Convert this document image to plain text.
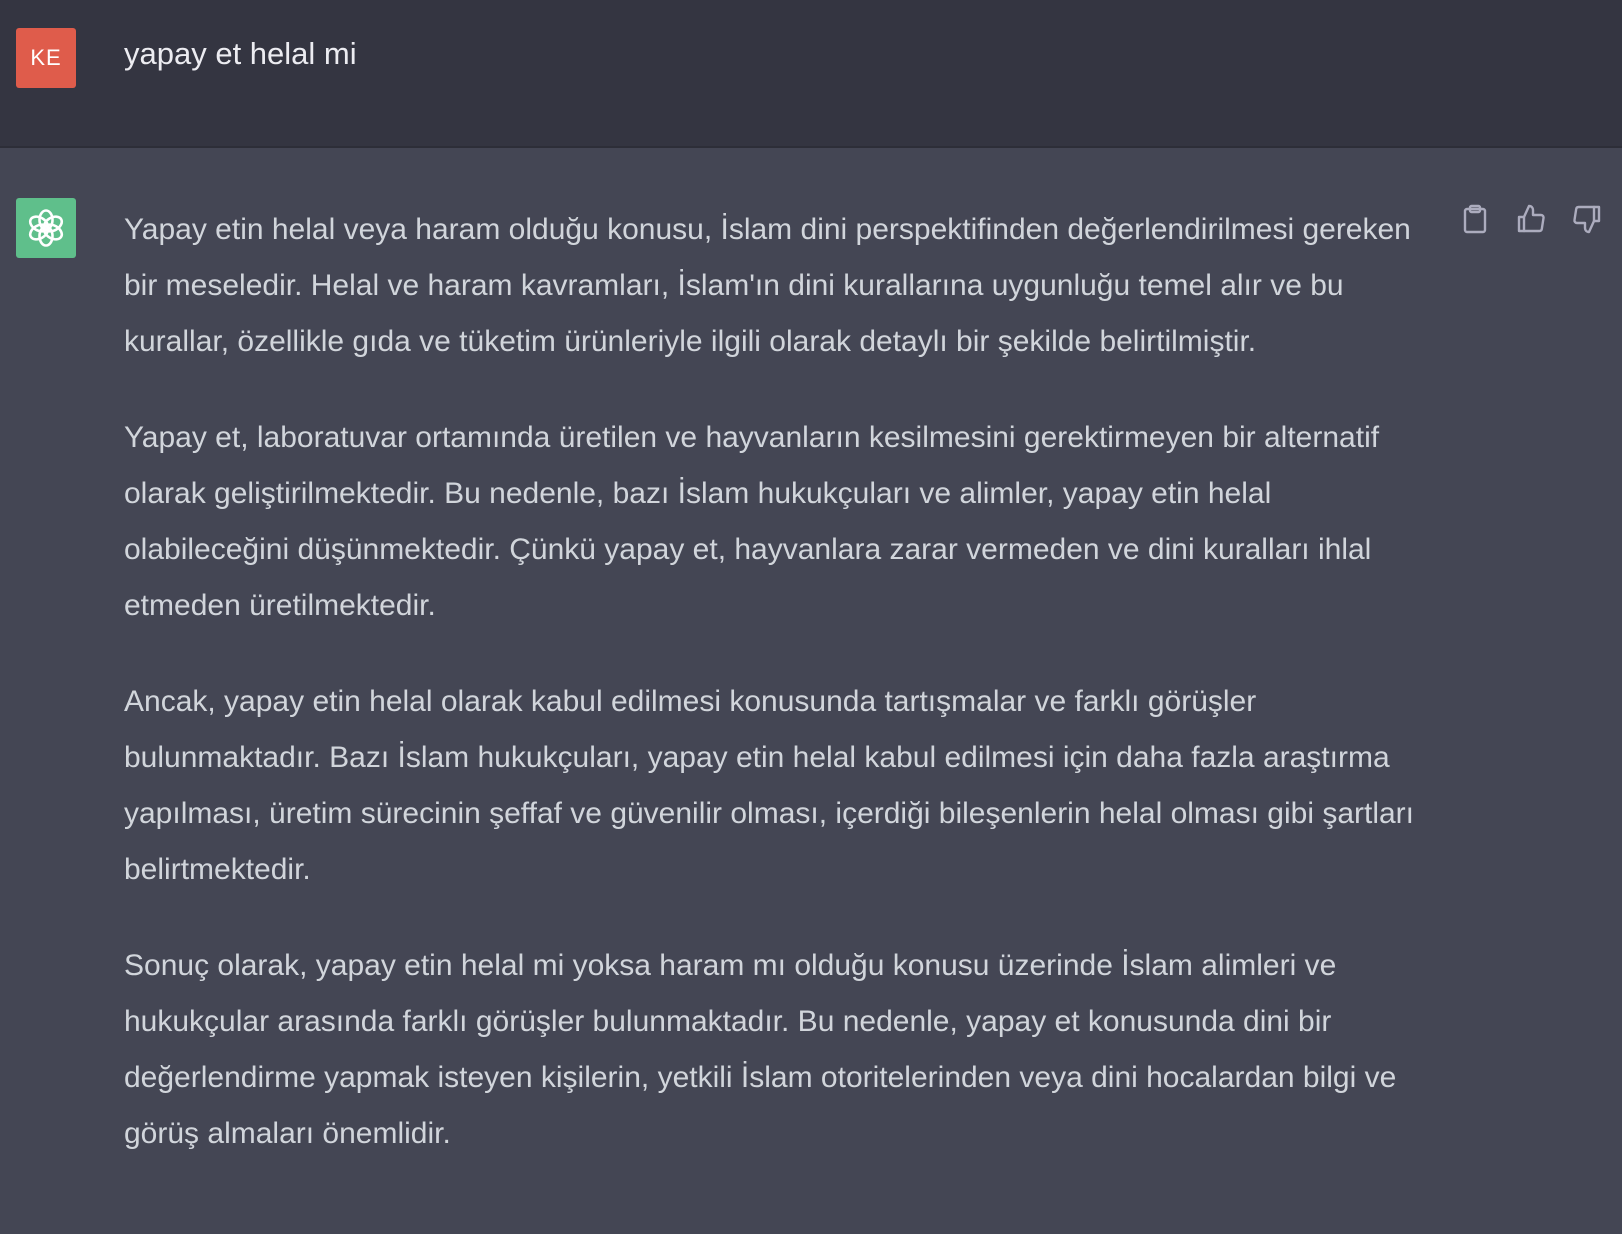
KE	yapay et helal mi

Yapay etin helal veya haram olduğu konusu, İslam dini perspektifinden değerlendirilmesi gereken bir meseledir. Helal ve haram kavramları, İslam'ın dini kurallarına uygunluğu temel alır ve bu kurallar, özellikle gıda ve tüketim ürünleriyle ilgili olarak detaylı bir şekilde belirtilmiştir.

Yapay et, laboratuvar ortamında üretilen ve hayvanların kesilmesini gerektirmeyen bir alternatif olarak geliştirilmektedir. Bu nedenle, bazı İslam hukukçuları ve alimler, yapay etin helal olabileceğini düşünmektedir. Çünkü yapay et, hayvanlara zarar vermeden ve dini kuralları ihlal etmeden üretilmektedir.

Ancak, yapay etin helal olarak kabul edilmesi konusunda tartışmalar ve farklı görüşler bulunmaktadır. Bazı İslam hukukçuları, yapay etin helal kabul edilmesi için daha fazla araştırma yapılması, üretim sürecinin şeffaf ve güvenilir olması, içerdiği bileşenlerin helal olması gibi şartları belirtmektedir.

Sonuç olarak, yapay etin helal mi yoksa haram mı olduğu konusu üzerinde İslam alimleri ve hukukçular arasında farklı görüşler bulunmaktadır. Bu nedenle, yapay et konusunda dini bir değerlendirme yapmak isteyen kişilerin, yetkili İslam otoritelerinden veya dini hocalardan bilgi ve görüş almaları önemlidir.
